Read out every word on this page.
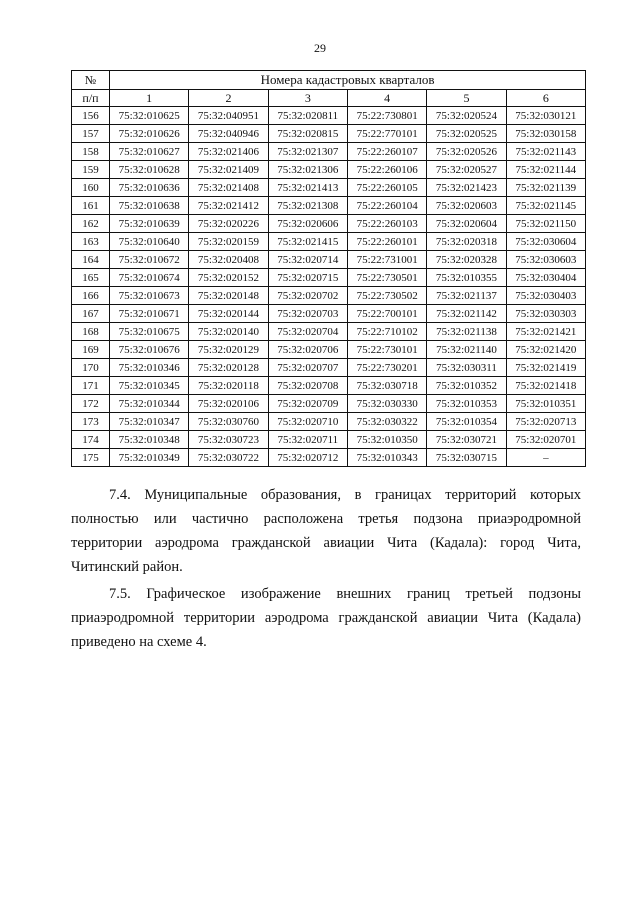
29
№	Номера кадастровых кварталов					
п/п	1	2	3	4	5	6
156	75:32:010625	75:32:040951	75:32:020811	75:22:730801	75:32:020524	75:32:030121
157	75:32:010626	75:32:040946	75:32:020815	75:22:770101	75:32:020525	75:32:030158
158	75:32:010627	75:32:021406	75:32:021307	75:22:260107	75:32:020526	75:32:021143
159	75:32:010628	75:32:021409	75:32:021306	75:22:260106	75:32:020527	75:32:021144
160	75:32:010636	75:32:021408	75:32:021413	75:22:260105	75:32:021423	75:32:021139
161	75:32:010638	75:32:021412	75:32:021308	75:22:260104	75:32:020603	75:32:021145
162	75:32:010639	75:32:020226	75:32:020606	75:22:260103	75:32:020604	75:32:021150
163	75:32:010640	75:32:020159	75:32:021415	75:22:260101	75:32:020318	75:32:030604
164	75:32:010672	75:32:020408	75:32:020714	75:22:731001	75:32:020328	75:32:030603
165	75:32:010674	75:32:020152	75:32:020715	75:22:730501	75:32:010355	75:32:030404
166	75:32:010673	75:32:020148	75:32:020702	75:22:730502	75:32:021137	75:32:030403
167	75:32:010671	75:32:020144	75:32:020703	75:22:700101	75:32:021142	75:32:030303
168	75:32:010675	75:32:020140	75:32:020704	75:22:710102	75:32:021138	75:32:021421
169	75:32:010676	75:32:020129	75:32:020706	75:22:730101	75:32:021140	75:32:021420
170	75:32:010346	75:32:020128	75:32:020707	75:22:730201	75:32:030311	75:32:021419
171	75:32:010345	75:32:020118	75:32:020708	75:32:030718	75:32:010352	75:32:021418
172	75:32:010344	75:32:020106	75:32:020709	75:32:030330	75:32:010353	75:32:010351
173	75:32:010347	75:32:030760	75:32:020710	75:32:030322	75:32:010354	75:32:020713
174	75:32:010348	75:32:030723	75:32:020711	75:32:010350	75:32:030721	75:32:020701
175	75:32:010349	75:32:030722	75:32:020712	75:32:010343	75:32:030715	–
7.4. Муниципальные образования, в границах территорий которых
полностью или частично расположена третья подзона приаэродромной
территории аэродрома гражданской авиации Чита (Кадала): город Чита,
Читинский район.
7.5. Графическое изображение внешних границ третьей подзоны
приаэродромной территории аэродрома гражданской авиации Чита (Кадала)
приведено на схеме 4.
